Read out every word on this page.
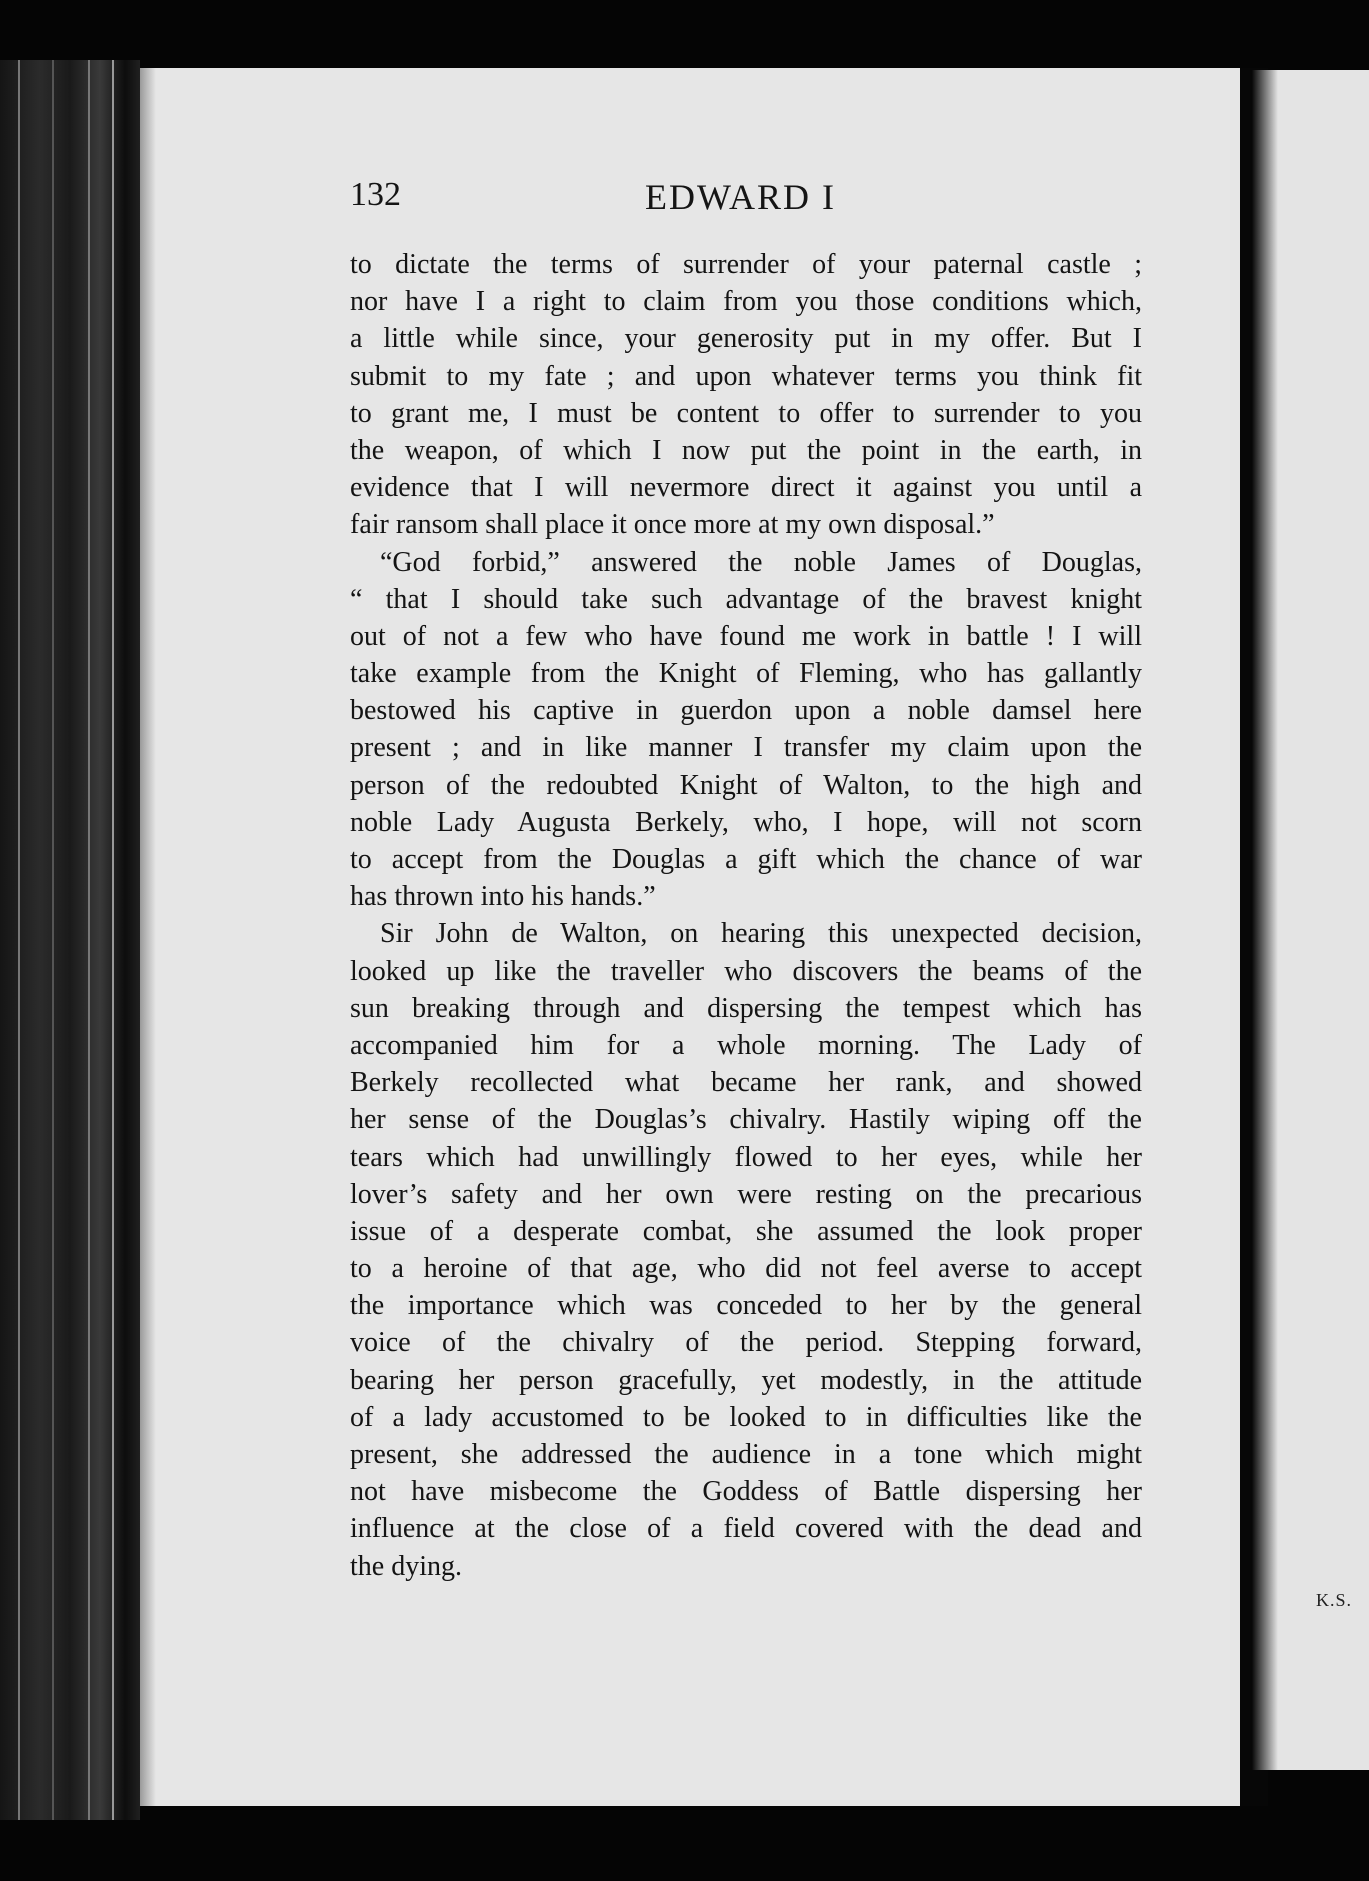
132	EDWARD I
to dictate the terms of surrender of your paternal castle ;
nor have I a right to claim from you those conditions which,
a little while since, your generosity put in my offer. But I
submit to my fate ; and upon whatever terms you think fit
to grant me, I must be content to offer to surrender to you
the weapon, of which I now put the point in the earth, in
evidence that I will nevermore direct it against you until a
fair ransom shall place it once more at my own disposal.”
“God forbid,” answered the noble James of Douglas,
“ that I should take such advantage of the bravest knight
out of not a few who have found me work in battle ! I will
take example from the Knight of Fleming, who has gallantly
bestowed his captive in guerdon upon a noble damsel here
present ; and in like manner I transfer my claim upon the
person of the redoubted Knight of Walton, to the high and
noble Lady Augusta Berkely, who, I hope, will not scorn
to accept from the Douglas a gift which the chance of war
has thrown into his hands.”
Sir John de Walton, on hearing this unexpected decision,
looked up like the traveller who discovers the beams of the
sun breaking through and dispersing the tempest which has
accompanied him for a whole morning. The Lady of
Berkely recollected what became her rank, and showed
her sense of the Douglas’s chivalry. Hastily wiping off the
tears which had unwillingly flowed to her eyes, while her
lover’s safety and her own were resting on the precarious
issue of a desperate combat, she assumed the look proper
to a heroine of that age, who did not feel averse to accept
the importance which was conceded to her by the general
voice of the chivalry of the period. Stepping forward,
bearing her person gracefully, yet modestly, in the attitude
of a lady accustomed to be looked to in difficulties like the
present, she addressed the audience in a tone which might
not have misbecome the Goddess of Battle dispersing her
influence at the close of a field covered with the dead and
the dying.
K.S.
